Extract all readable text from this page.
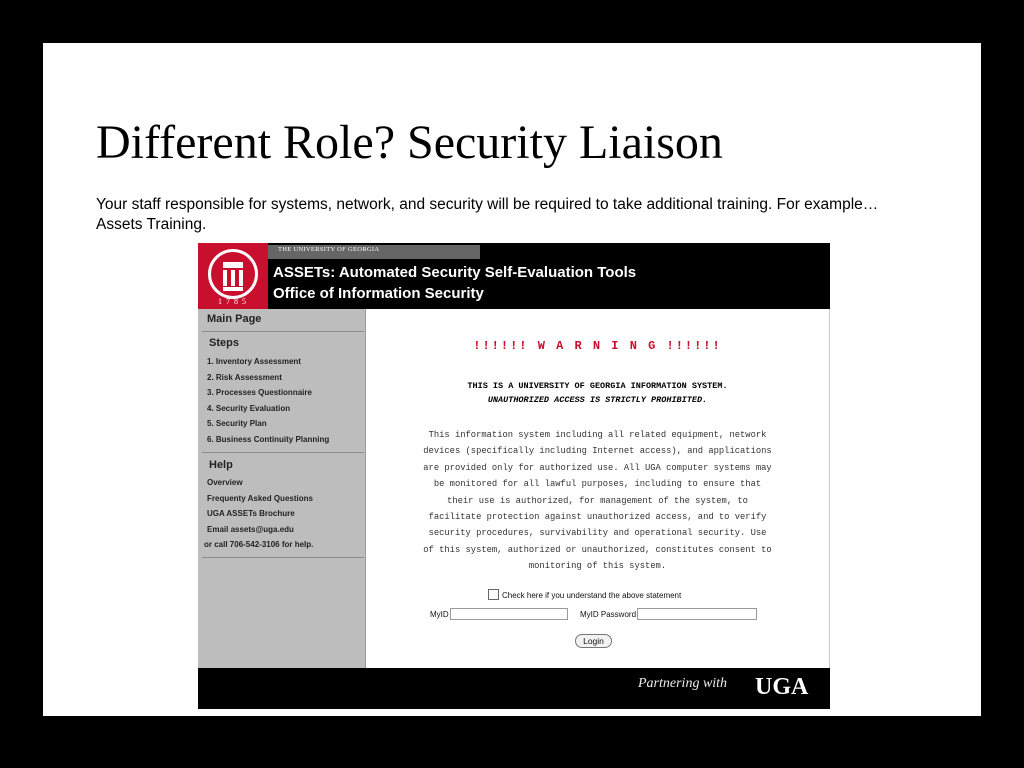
Different Role? Security Liaison
Your staff responsible for systems, network, and security will be required to take additional training. For example… Assets Training.
1785
THE UNIVERSITY OF GEORGIA
ASSETs: Automated Security Self-Evaluation Tools
Office of Information Security
Main Page
Steps
1. Inventory Assessment
2. Risk Assessment
3. Processes Questionnaire
4. Security Evaluation
5. Security Plan
6. Business Continuity Planning
Help
Overview
Frequenty Asked Questions
UGA ASSETs Brochure
Email assets@uga.edu
or call 706-542-3106 for help.
!!!!!! W A R N I N G !!!!!!
THIS IS A UNIVERSITY OF GEORGIA INFORMATION SYSTEM.
UNAUTHORIZED ACCESS IS STRICTLY PROHIBITED.
This information system including all related equipment, network
devices (specifically including Internet access), and applications
are provided only for authorized use. All UGA computer systems may
be monitored for all lawful purposes, including to ensure that
their use is authorized, for management of the system, to
facilitate protection against unauthorized access, and to verify
security procedures, survivability and operational security. Use
of this system, authorized or unauthorized, constitutes consent to
monitoring of this system.
Check here if you understand the above statement
MyID	MyID Password
Login
Partnering with UGA
